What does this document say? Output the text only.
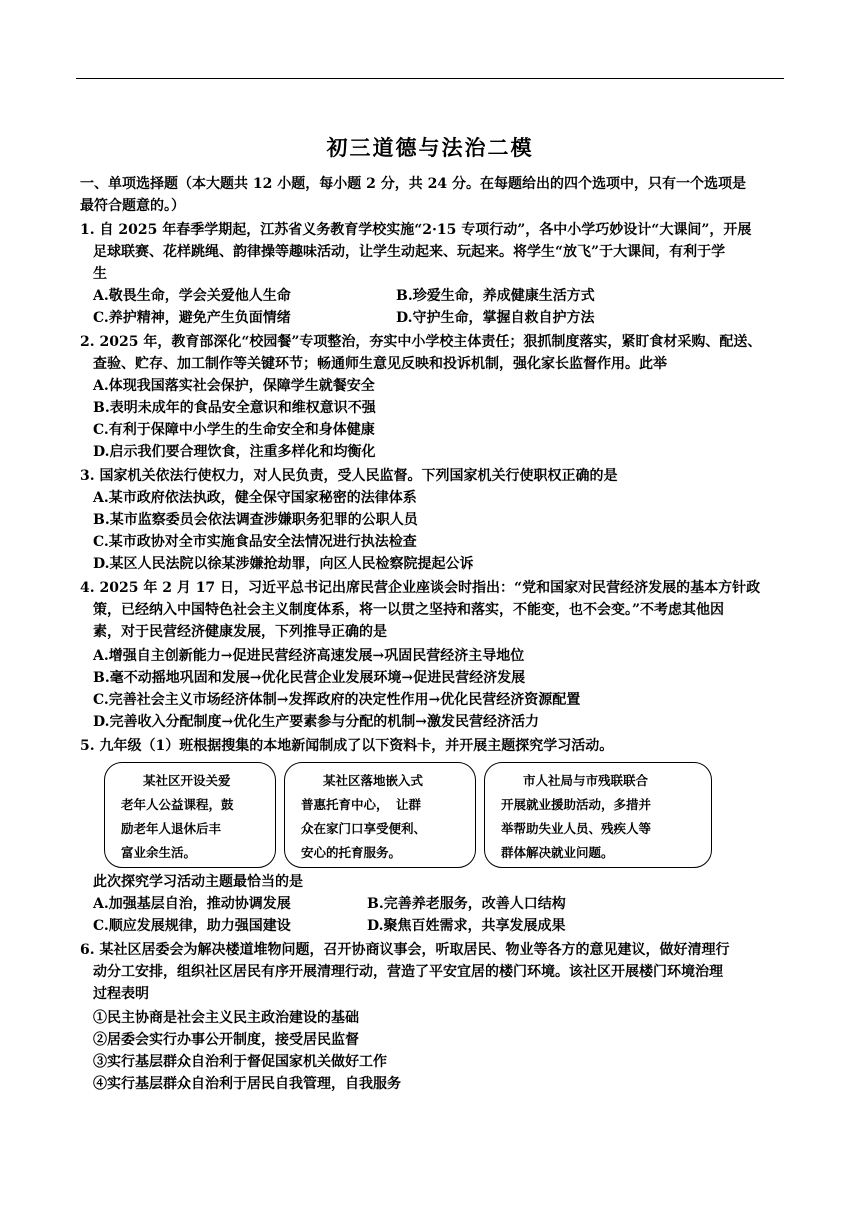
初三道德与法治二模
一、单项选择题（本大题共 12 小题，每小题 2 分，共 24 分。在每题给出的四个选项中，只有一个选项是
最符合题意的。）
1. 自 2025 年春季学期起，江苏省义务教育学校实施“2·15 专项行动”，各中小学巧妙设计“大课间”，开展
足球联赛、花样跳绳、韵律操等趣味活动，让学生动起来、玩起来。将学生“放飞”于大课间，有利于学
生
A.敬畏生命，学会关爱他人生命	B.珍爱生命，养成健康生活方式
C.养护精神，避免产生负面情绪	D.守护生命，掌握自救自护方法
2. 2025 年，教育部深化“校园餐”专项整治，夯实中小学校主体责任；狠抓制度落实，紧盯食材采购、配送、
查验、贮存、加工制作等关键环节；畅通师生意见反映和投诉机制，强化家长监督作用。此举
A.体现我国落实社会保护，保障学生就餐安全
B.表明未成年的食品安全意识和维权意识不强
C.有利于保障中小学生的生命安全和身体健康
D.启示我们要合理饮食，注重多样化和均衡化
3. 国家机关依法行使权力，对人民负责，受人民监督。下列国家机关行使职权正确的是
A.某市政府依法执政，健全保守国家秘密的法律体系
B.某市监察委员会依法调查涉嫌职务犯罪的公职人员
C.某市政协对全市实施食品安全法情况进行执法检查
D.某区人民法院以徐某涉嫌抢劫罪，向区人民检察院提起公诉
4. 2025 年 2 月 17 日，习近平总书记出席民营企业座谈会时指出：“党和国家对民营经济发展的基本方针政
策，已经纳入中国特色社会主义制度体系，将一以贯之坚持和落实，不能变，也不会变。”不考虑其他因
素，对于民营经济健康发展，下列推导正确的是
A.增强自主创新能力→促进民营经济高速发展→巩固民营经济主导地位
B.毫不动摇地巩固和发展→优化民营企业发展环境→促进民营经济发展
C.完善社会主义市场经济体制→发挥政府的决定性作用→优化民营经济资源配置
D.完善收入分配制度→优化生产要素参与分配的机制→激发民营经济活力
5. 九年级（1）班根据搜集的本地新闻制成了以下资料卡，并开展主题探究学习活动。
某社区开设关爱
老年人公益课程，鼓
励老年人退休后丰
富业余生活。
某社区落地嵌入式
普惠托育中心， 让群
众在家门口享受便利、
安心的托育服务。
市人社局与市残联联合
开展就业援助活动，多措并
举帮助失业人员、残疾人等
群体解决就业问题。
此次探究学习活动主题最恰当的是
A.加强基层自治，推动协调发展	B.完善养老服务，改善人口结构
C.顺应发展规律，助力强国建设	D.聚焦百姓需求，共享发展成果
6. 某社区居委会为解决楼道堆物问题，召开协商议事会，听取居民、物业等各方的意见建议，做好清理行
动分工安排，组织社区居民有序开展清理行动，营造了平安宜居的楼门环境。该社区开展楼门环境治理
过程表明
①民主协商是社会主义民主政治建设的基础
②居委会实行办事公开制度，接受居民监督
③实行基层群众自治利于督促国家机关做好工作
④实行基层群众自治利于居民自我管理，自我服务
